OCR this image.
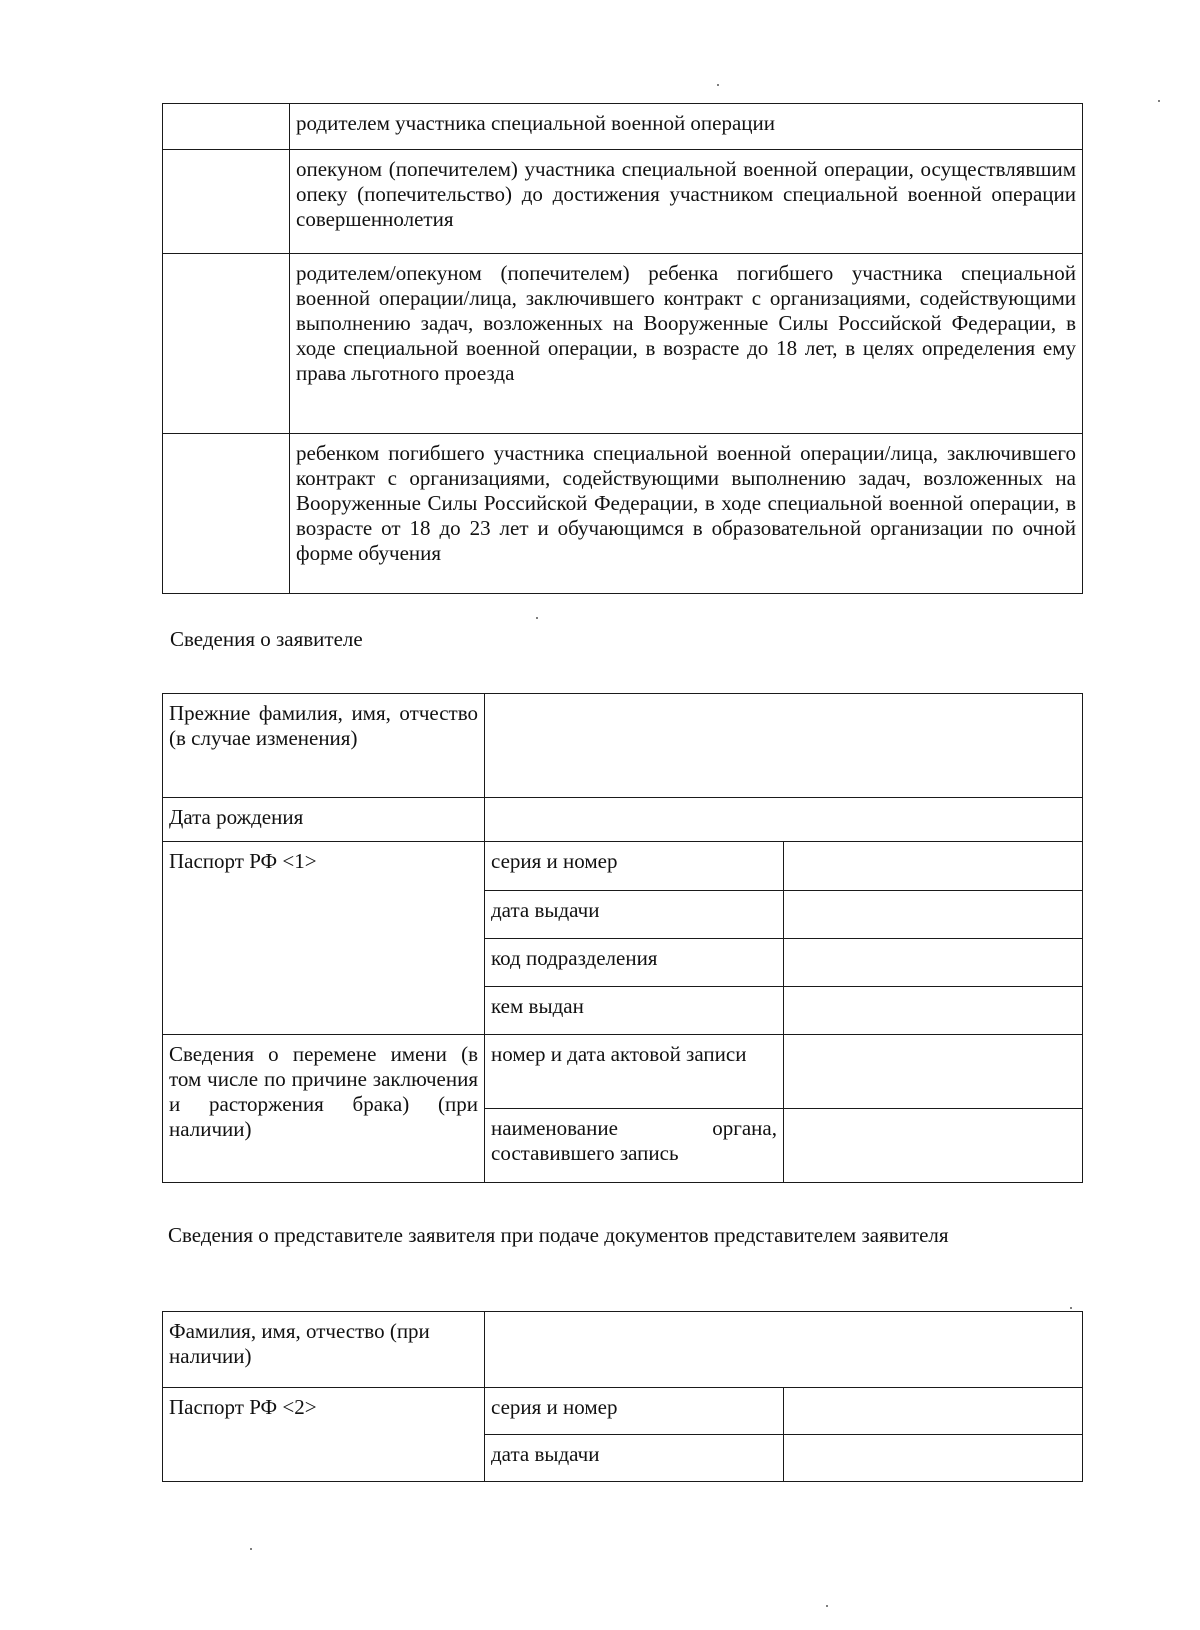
	родителем участника специальной военной операции
	опекуном (попечителем) участника специальной военной операции, осуществлявшим опеку (попечительство) до достижения участником специальной военной операции совершеннолетия
	родителем/опекуном (попечителем) ребенка погибшего участника специальной военной операции/лица, заключившего контракт с организациями, содействующими выполнению задач, возложенных на Вооруженные Силы Российской Федерации, в ходе специальной военной операции, в возрасте до 18 лет, в целях определения ему права льготного проезда
	ребенком погибшего участника специальной военной операции/лица, заключившего контракт с организациями, содействующими выполнению задач, возложенных на Вооруженные Силы Российской Федерации, в ходе специальной военной операции, в возрасте от 18 до 23 лет и обучающимся в образовательной организации по очной форме обучения

Сведения о заявителе

Прежние фамилия, имя, отчество (в случае изменения)		
Дата рождения		
Паспорт РФ <1>	серия и номер	
	дата выдачи	
	код подразделения	
	кем выдан	
Сведения о перемене имени (в том числе по причине заключения и расторжения брака) (при наличии)	номер и дата актовой записи	
	наименование органа, составившего запись	

Сведения о представителе заявителя при подаче документов представителем заявителя

Фамилия, имя, отчество (при наличии)		
Паспорт РФ <2>	серия и номер	
	дата выдачи	
